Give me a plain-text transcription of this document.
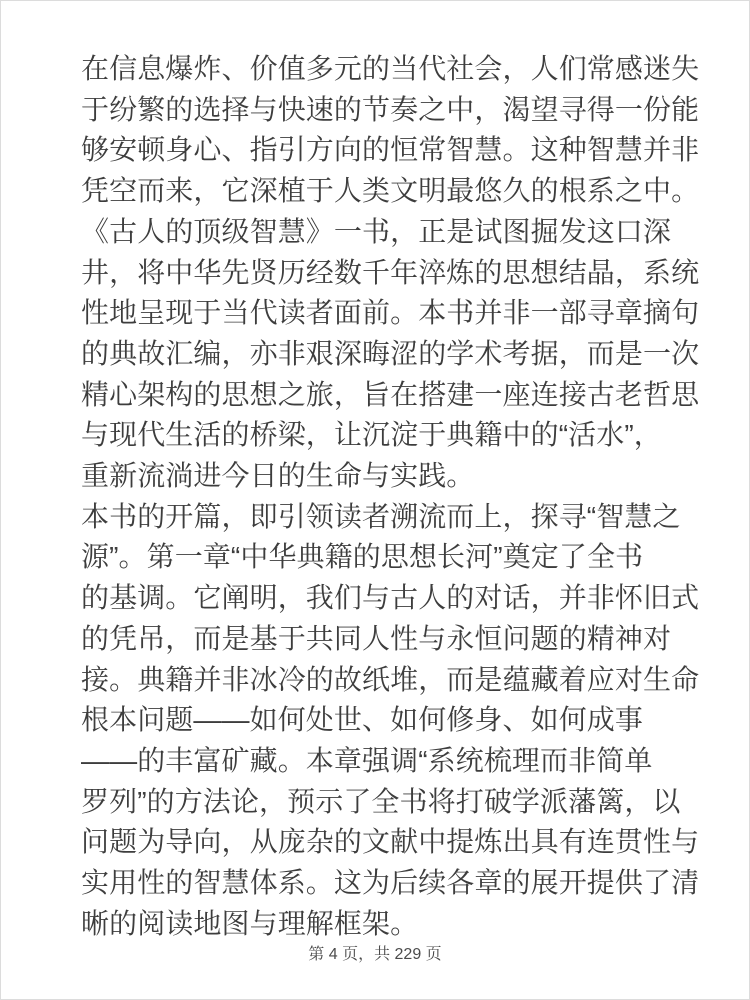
在信息爆炸、价值多元的当代社会，人们常感迷失
于纷繁的选择与快速的节奏之中，渴望寻得一份能
够安顿身心、指引方向的恒常智慧。这种智慧并非
凭空而来，它深植于人类文明最悠久的根系之中。
《古人的顶级智慧》一书，正是试图掘发这口深
井，将中华先贤历经数千年淬炼的思想结晶，系统
性地呈现于当代读者面前。本书并非一部寻章摘句
的典故汇编，亦非艰深晦涩的学术考据，而是一次
精心架构的思想之旅，旨在搭建一座连接古老哲思
与现代生活的桥梁，让沉淀于典籍中的“活水”，
重新流淌进今日的生命与实践。
本书的开篇，即引领读者溯流而上，探寻“智慧之
源”。第一章“中华典籍的思想长河”奠定了全书
的基调。它阐明，我们与古人的对话，并非怀旧式
的凭吊，而是基于共同人性与永恒问题的精神对
接。典籍并非冰冷的故纸堆，而是蕴藏着应对生命
根本问题——如何处世、如何修身、如何成事
——的丰富矿藏。本章强调“系统梳理而非简单
罗列”的方法论，预示了全书将打破学派藩篱，以
问题为导向，从庞杂的文献中提炼出具有连贯性与
实用性的智慧体系。这为后续各章的展开提供了清
晰的阅读地图与理解框架。
第 4 页，共 229 页
